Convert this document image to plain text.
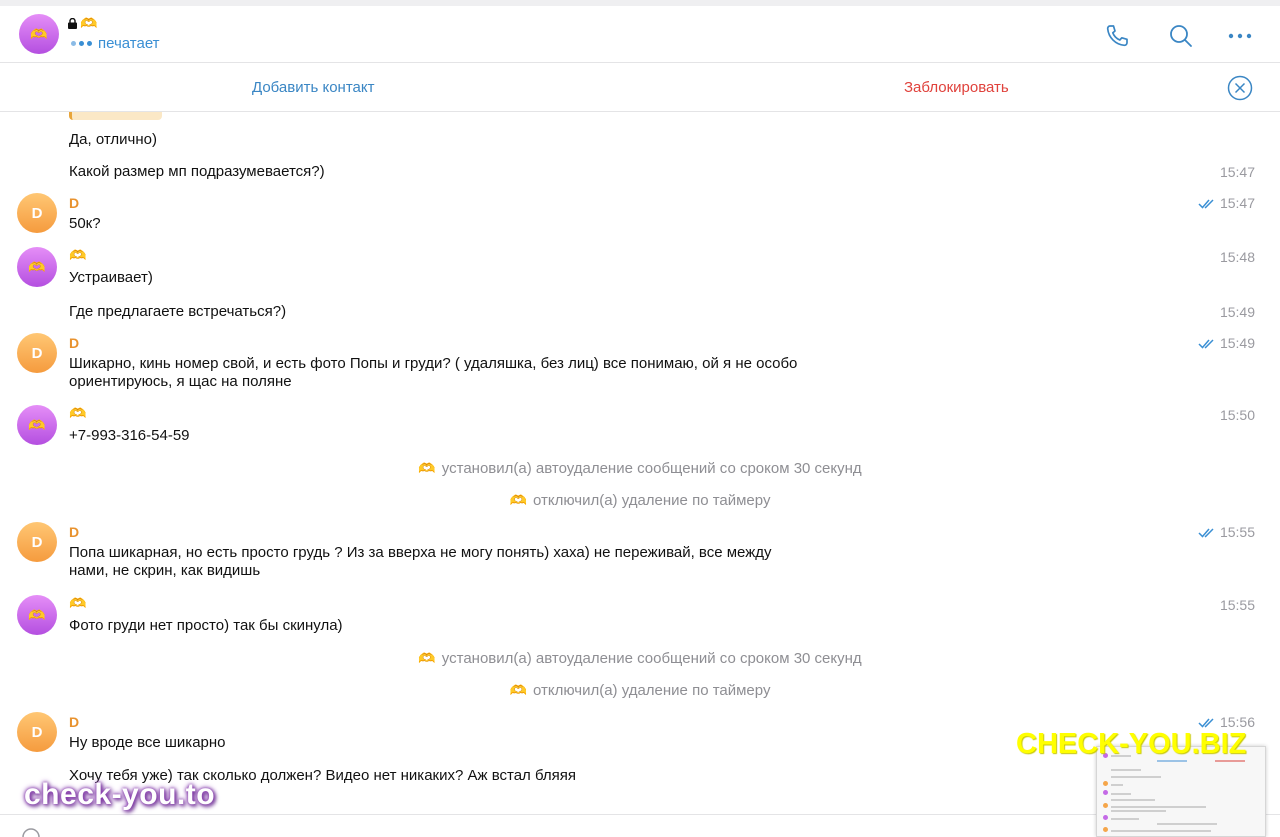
🫶
🫶
печатает
Добавить контакт	Заблокировать
Да, отлично)
Какой размер мп подразумевается?)	15:47
D
D
50к?
15:47
🫶
🫶
Устраивает)
15:48
Где предлагаете встречаться?)	15:49
D
D
Шикарно, кинь номер свой, и есть фото Попы и груди? ( удаляшка, без лиц) все понимаю, ой я не особо ориентируюсь, я щас на поляне
15:49
🫶
🫶
+7-993-316-54-59
15:50
🫶 установил(а) автоудаление сообщений со сроком 30 секунд
🫶 отключил(а) удаление по таймеру
D
D
Попа шикарная, но есть просто грудь ? Из за вверха не могу понять) хаха) не переживай, все между нами, не скрин, как видишь
15:55
🫶
🫶
Фото груди нет просто) так бы скинула)
15:55
🫶 установил(а) автоудаление сообщений со сроком 30 секунд
🫶 отключил(а) удаление по таймеру
D
D
Ну вроде все шикарно
15:56
Хочу тебя уже) так сколько должен? Видео нет никаких? Аж встал бляяя
check-you.to
CHECK-YOU.BIZ
